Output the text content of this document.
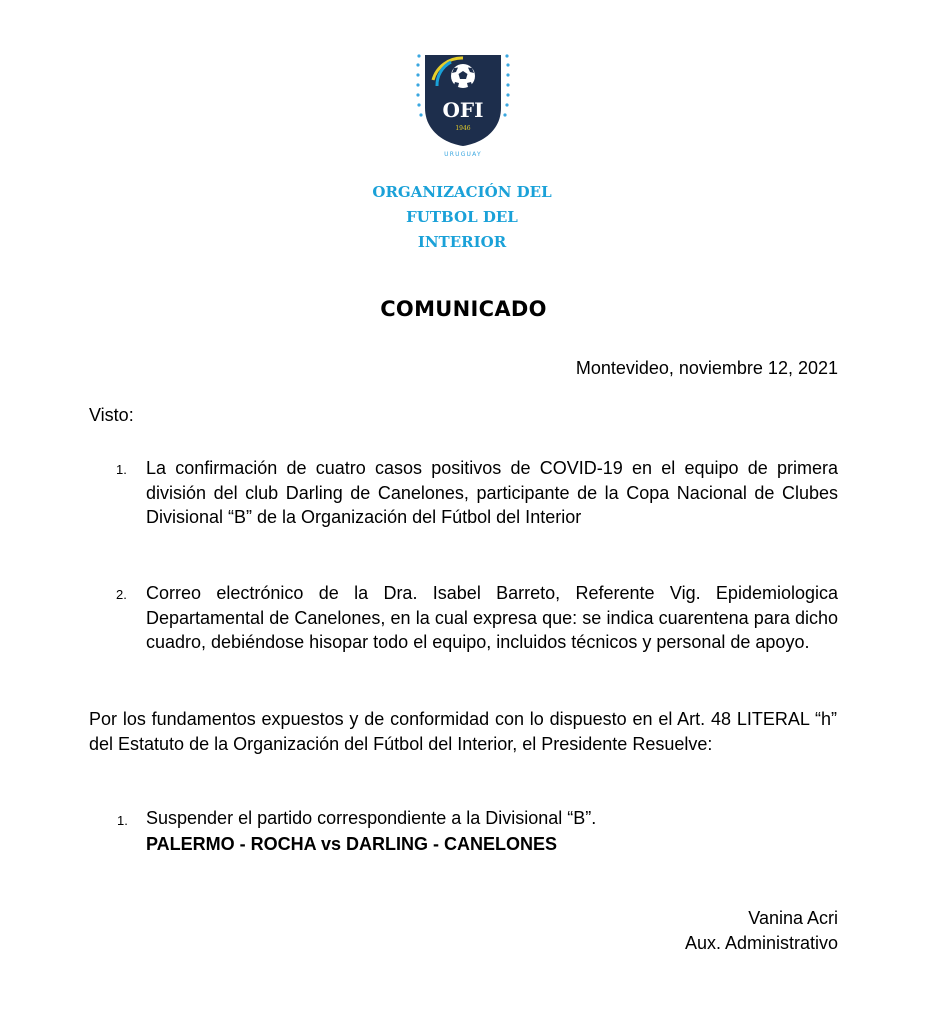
OFI
1946
URUGUAY
ORGANIZACIÓN DEL
FUTBOL DEL
INTERIOR
COMUNICADO
Montevideo, noviembre 12, 2021
Visto:
1. La confirmación de cuatro casos positivos de COVID-19 en el equipo de primera división del club Darling de Canelones, participante de la Copa Nacional de Clubes Divisional “B” de la Organización del Fútbol del Interior
2. Correo electrónico de la Dra. Isabel Barreto, Referente Vig. Epidemiologica Departamental de Canelones, en la cual expresa que: se indica cuarentena para dicho cuadro, debiéndose hisopar todo el equipo, incluidos técnicos y personal de apoyo.
Por los fundamentos expuestos y de conformidad con lo dispuesto en el Art. 48 LITERAL “h” del Estatuto de la Organización del Fútbol del Interior, el Presidente Resuelve:
1. Suspender el partido correspondiente a la Divisional “B”.
PALERMO - ROCHA vs DARLING - CANELONES
Vanina Acri
Aux. Administrativo
